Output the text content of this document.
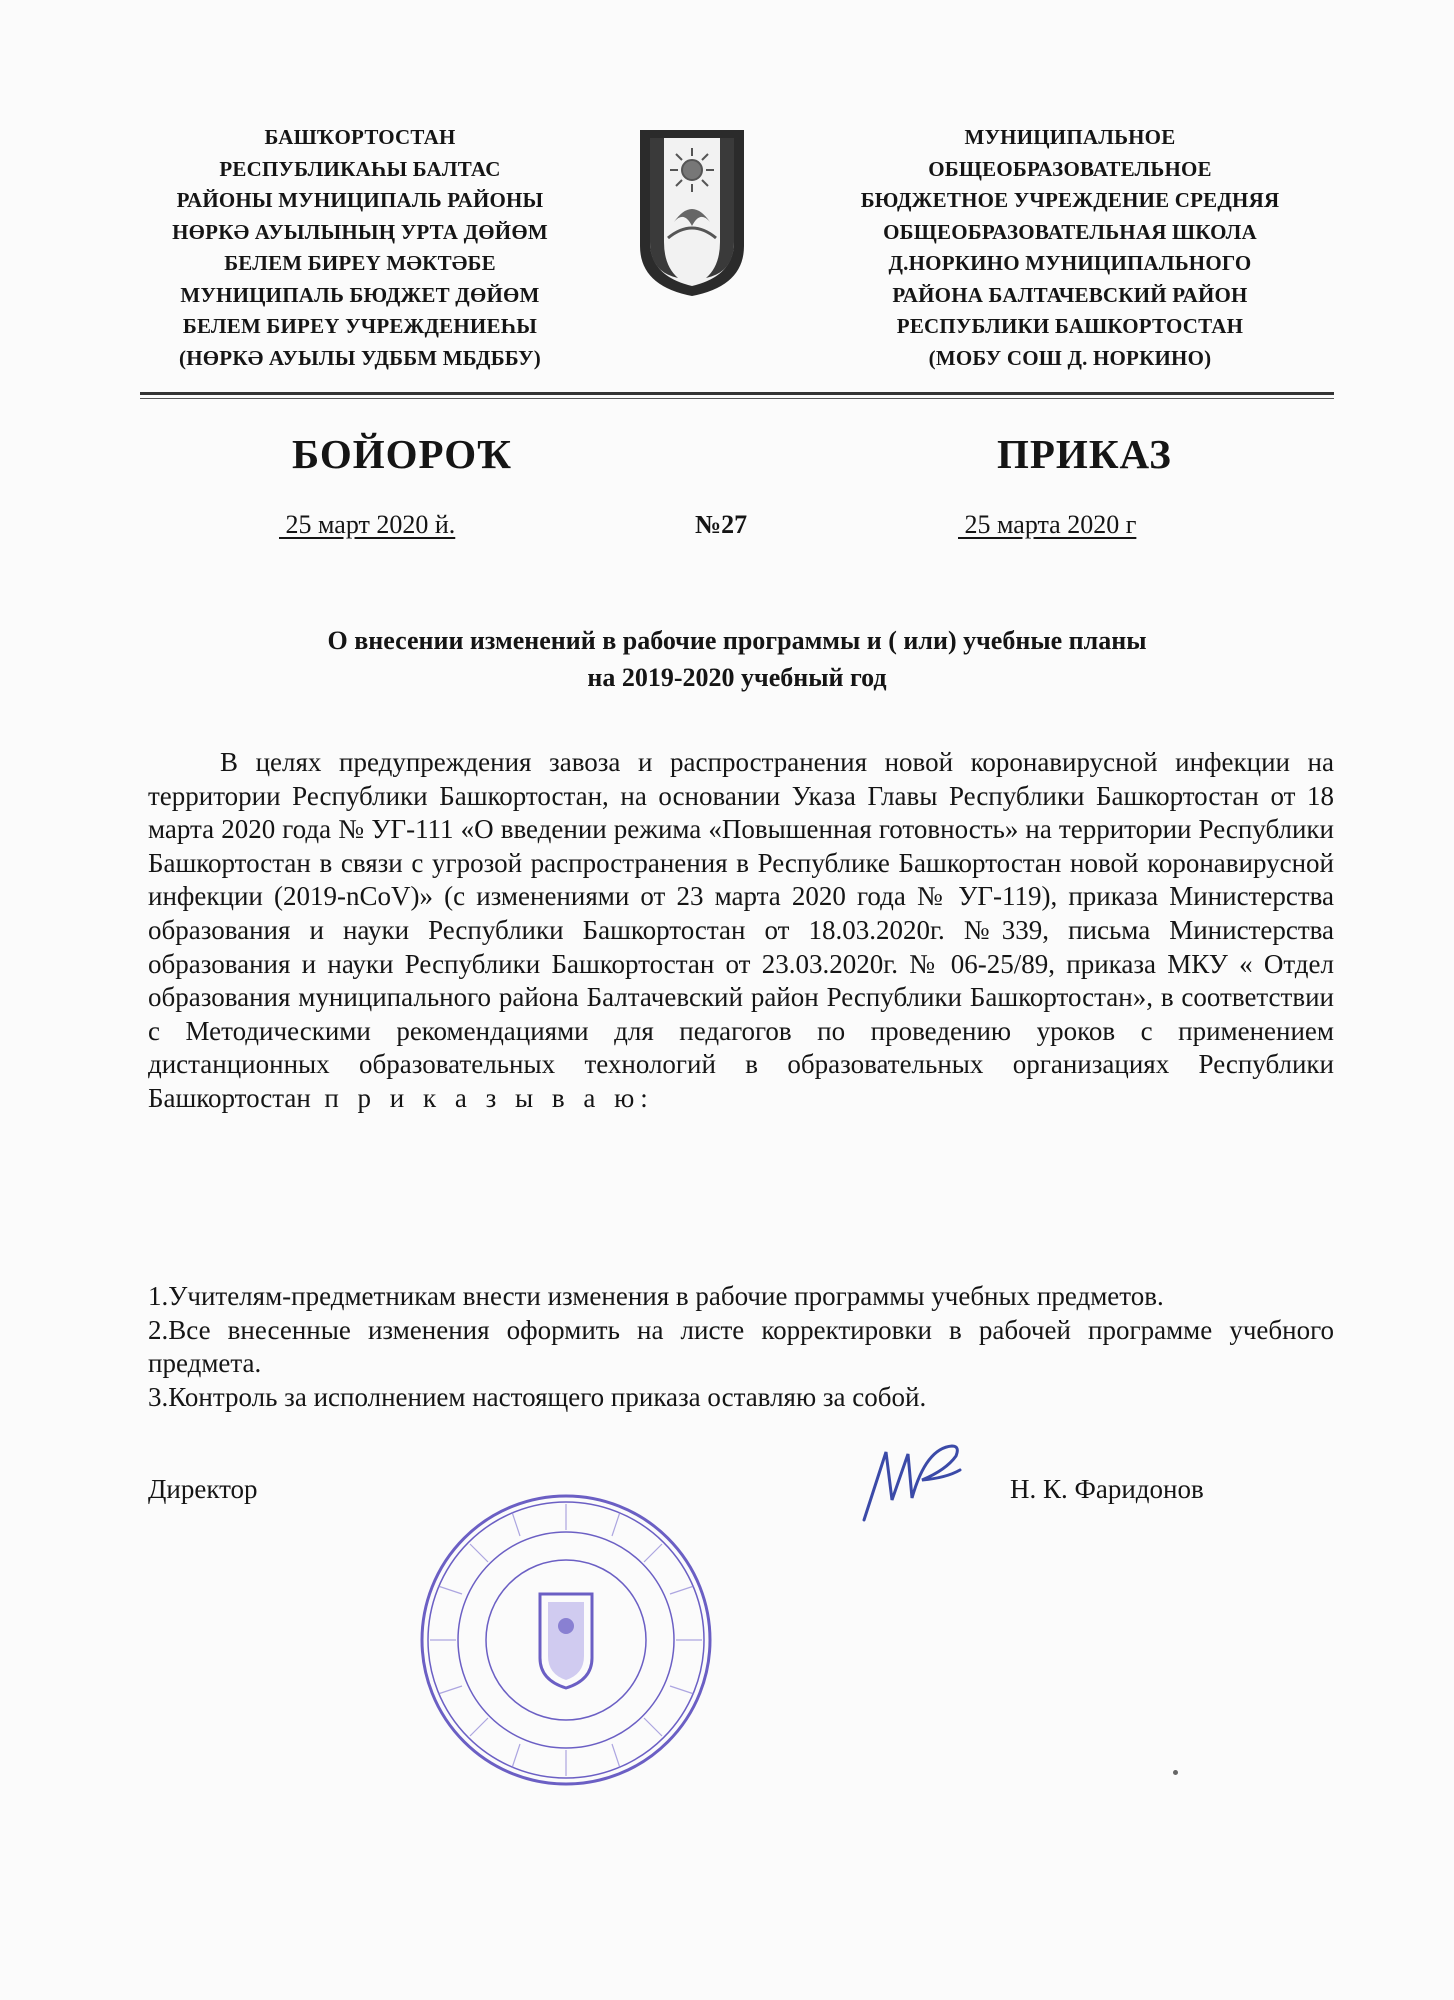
БАШҠОРТОСТАН
РЕСПУБЛИКАҺЫ БАЛТАС
РАЙОНЫ МУНИЦИПАЛЬ РАЙОНЫ
НӨРКӘ АУЫЛЫНЫҢ УРТА ДӨЙӨМ
БЕЛЕМ БИРЕҮ МӘКТӘБЕ
МУНИЦИПАЛЬ БЮДЖЕТ ДӨЙӨМ
БЕЛЕМ БИРЕҮ УЧРЕЖДЕНИЕҺЫ
(НӨРКӘ АУЫЛЫ УДББМ МБДББУ)
МУНИЦИПАЛЬНОЕ
ОБЩЕОБРАЗОВАТЕЛЬНОЕ
БЮДЖЕТНОЕ УЧРЕЖДЕНИЕ СРЕДНЯЯ
ОБЩЕОБРАЗОВАТЕЛЬНАЯ ШКОЛА
Д.НОРКИНО МУНИЦИПАЛЬНОГО
РАЙОНА БАЛТАЧЕВСКИЙ РАЙОН
РЕСПУБЛИКИ БАШКОРТОСТАН
(МОБУ СОШ Д. НОРКИНО)
БОЙОРОҠ	ПРИКАЗ
25 март 2020 й.	№27	25 марта 2020 г
О внесении изменений в рабочие программы и ( или) учебные планы
на 2019-2020 учебный год
В целях предупреждения завоза и распространения новой коронавирусной инфекции на территории Республики Башкортостан, на основании Указа Главы Республики Башкортостан от 18 марта 2020 года № УГ-111 «О введении режима «Повышенная готовность» на территории Республики Башкортостан в связи с угрозой распространения в Республике Башкортостан новой коронавирусной инфекции (2019-nCoV)» (с изменениями от 23 марта 2020 года № УГ-119), приказа Министерства образования и науки Республики Башкортостан от 18.03.2020г. №339, письма Министерства образования и науки Республики Башкортостан от 23.03.2020г. № 06-25/89, приказа МКУ « Отдел образования муниципального района Балтачевский район Республики Башкортостан», в соответствии с Методическими рекомендациями для педагогов по проведению уроков с применением дистанционных образовательных технологий в образовательных организациях Республики Башкортостан п р и к а з ы в а ю:

1.Учителям-предметникам внести изменения в рабочие программы учебных предметов.

2.Все внесенные изменения оформить на листе корректировки в рабочей программе учебного предмета.

3.Контроль за исполнением настоящего приказа оставляю за собой.

Директор	Н. К. Фаридонов
